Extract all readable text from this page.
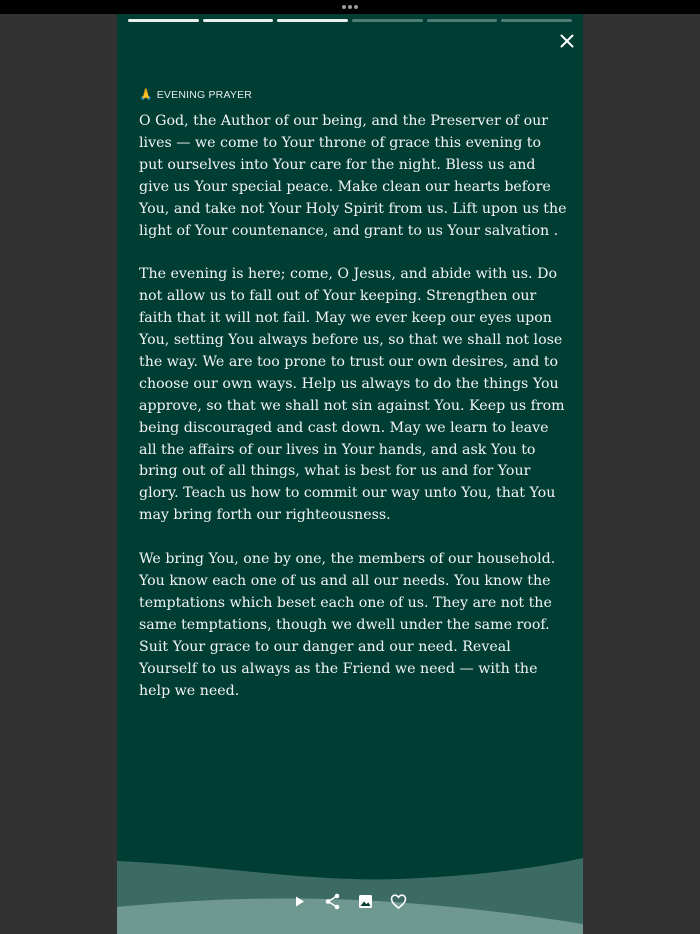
🙏 EVENING PRAYER

O God, the Author of our being, and the Preserver of our lives — we come to Your throne of grace this evening to put ourselves into Your care for the night. Bless us and give us Your special peace. Make clean our hearts before You, and take not Your Holy Spirit from us. Lift upon us the light of Your countenance, and grant to us Your salvation .

The evening is here; come, O Jesus, and abide with us. Do not allow us to fall out of Your keeping. Strengthen our faith that it will not fail. May we ever keep our eyes upon You, setting You always before us, so that we shall not lose the way. We are too prone to trust our own desires, and to choose our own ways. Help us always to do the things You approve, so that we shall not sin against You. Keep us from being discouraged and cast down. May we learn to leave all the affairs of our lives in Your hands, and ask You to bring out of all things, what is best for us and for Your glory. Teach us how to commit our way unto You, that You may bring forth our righteousness.

We bring You, one by one, the members of our household. You know each one of us and all our needs. You know the temptations which beset each one of us. They are not the same temptations, though we dwell under the same roof. Suit Your grace to our danger and our need. Reveal Yourself to us always as the Friend we need — with the help we need.
